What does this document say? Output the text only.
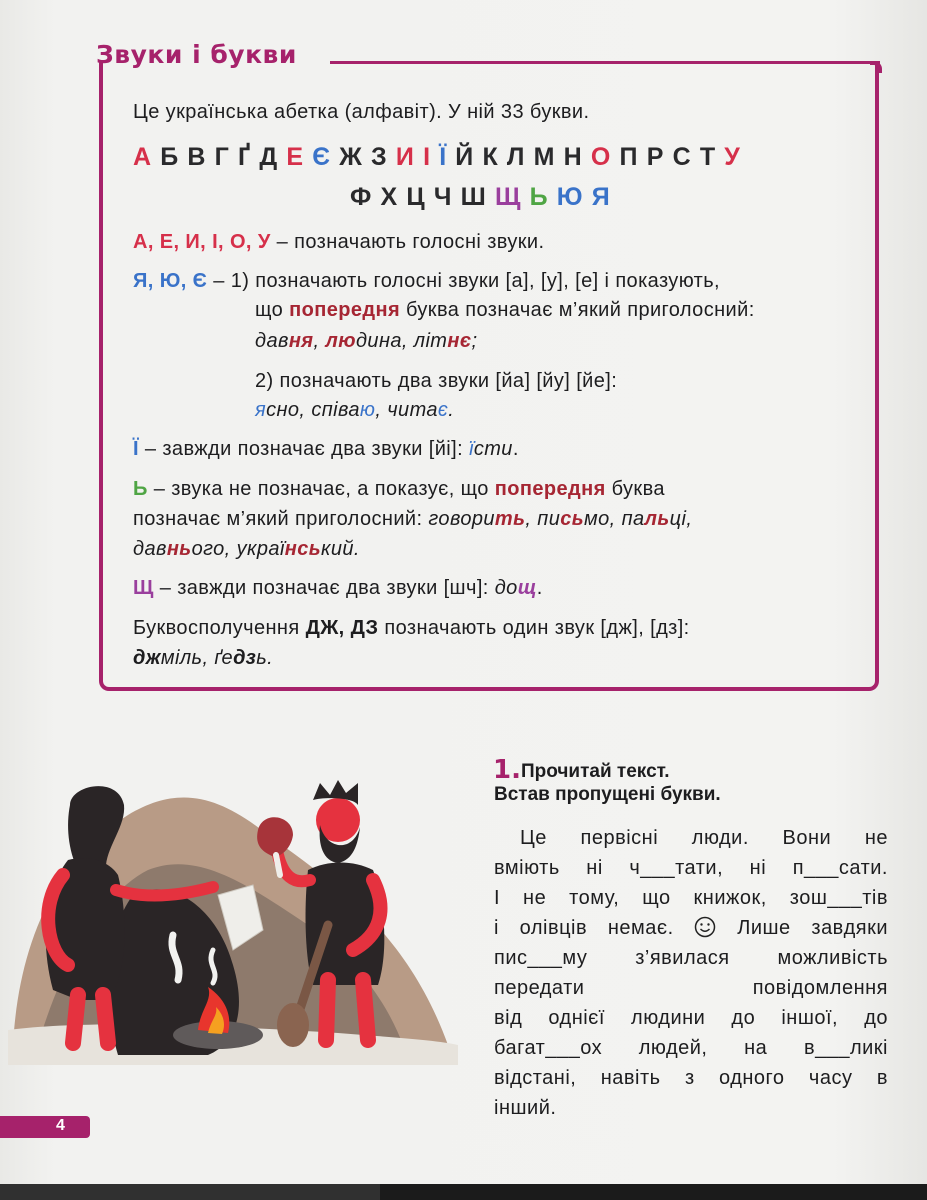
Звуки і букви
Це українська абетка (алфавіт). У ній 33 букви.
А Б В Г Ґ Д Е Є Ж З И І Ї Й К Л М Н О П Р С Т У
Ф Х Ц Ч Ш Щ Ь Ю Я
А, Е, И, І, О, У – позначають голосні звуки.
Я, Ю, Є – 1) позначають голосні звуки [а], [у], [е] і показують,
що попередня буква позначає м’який приголосний:
давня, людина, літнє;
2) позначають два звуки [йа] [йу] [йе]:
ясно, співаю, читає.
Ї – завжди позначає два звуки [йі]: їсти.
Ь – звука не позначає, а показує, що попередня буква
позначає м’який приголосний: говорить, письмо, пальці,
давнього, український.
Щ – завжди позначає два звуки [шч]: дощ.
Буквосполучення ДЖ, ДЗ позначають один звук [дж], [дз]:
джміль, ґедзь.
1. Прочитай текст.
Встав пропущені букви.
Це первісні люди. Вони не
вміють ні ч___тати, ні п___сати.
І не тому, що книжок, зош___тів
і олівців немає.	Лише завдяки
пис___му з’явилася можливість
передати повідомлення
від однієї людини до іншої, до
багат___ох людей, на в___ликі
відстані, навіть з одного часу в
інший.
4
